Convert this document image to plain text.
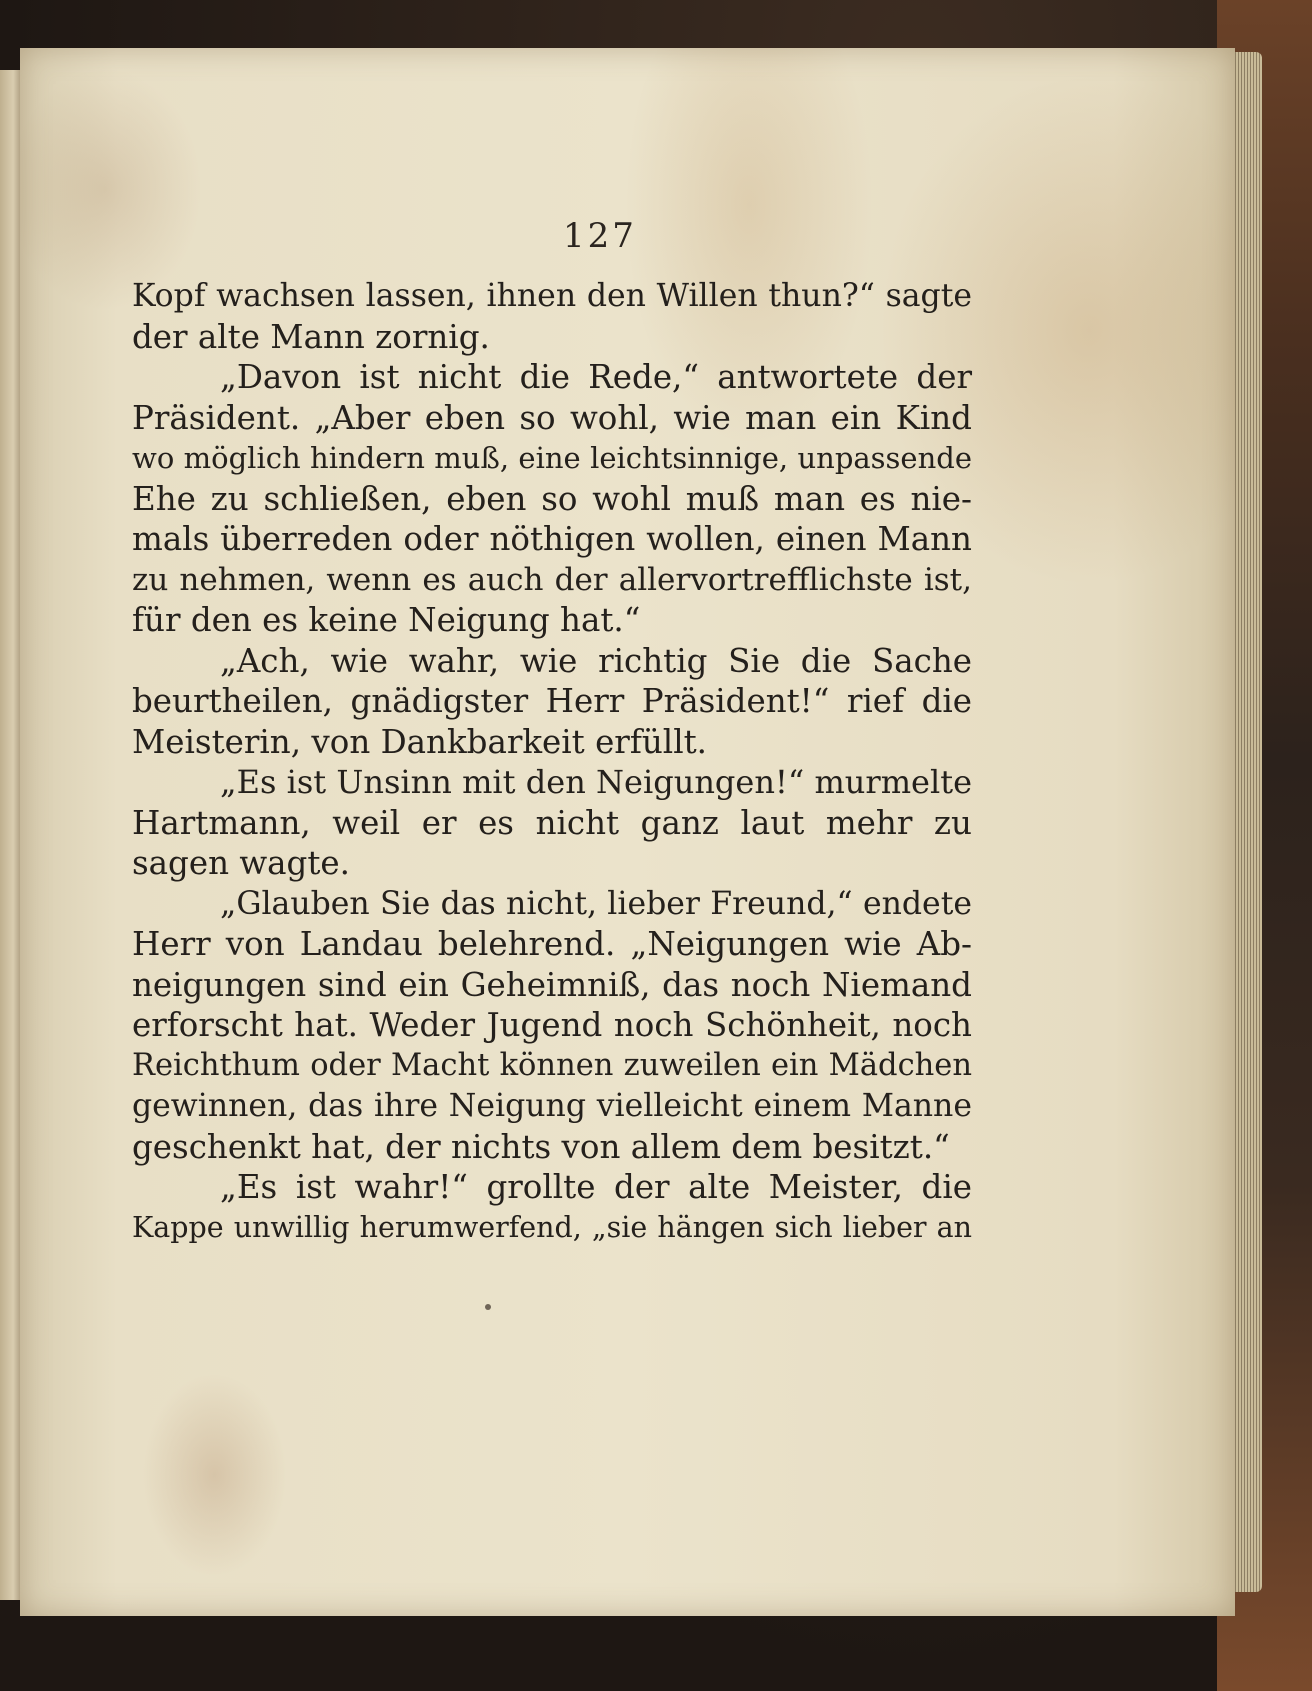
127
Kopf wachsen lassen, ihnen den Willen thun?“ sagte
der alte Mann zornig.
„Davon ist nicht die Rede,“ antwortete der
Präsident. „Aber eben so wohl, wie man ein Kind
wo möglich hindern muß, eine leichtsinnige, unpassende
Ehe zu schließen, eben so wohl muß man es nie-
mals überreden oder nöthigen wollen, einen Mann
zu nehmen, wenn es auch der allervortrefflichste ist,
für den es keine Neigung hat.“
„Ach, wie wahr, wie richtig Sie die Sache
beurtheilen, gnädigster Herr Präsident!“ rief die
Meisterin, von Dankbarkeit erfüllt.
„Es ist Unsinn mit den Neigungen!“ murmelte
Hartmann, weil er es nicht ganz laut mehr zu
sagen wagte.
„Glauben Sie das nicht, lieber Freund,“ endete
Herr von Landau belehrend. „Neigungen wie Ab-
neigungen sind ein Geheimniß, das noch Niemand
erforscht hat. Weder Jugend noch Schönheit, noch
Reichthum oder Macht können zuweilen ein Mädchen
gewinnen, das ihre Neigung vielleicht einem Manne
geschenkt hat, der nichts von allem dem besitzt.“
„Es ist wahr!“ grollte der alte Meister, die
Kappe unwillig herumwerfend, „sie hängen sich lieber an
